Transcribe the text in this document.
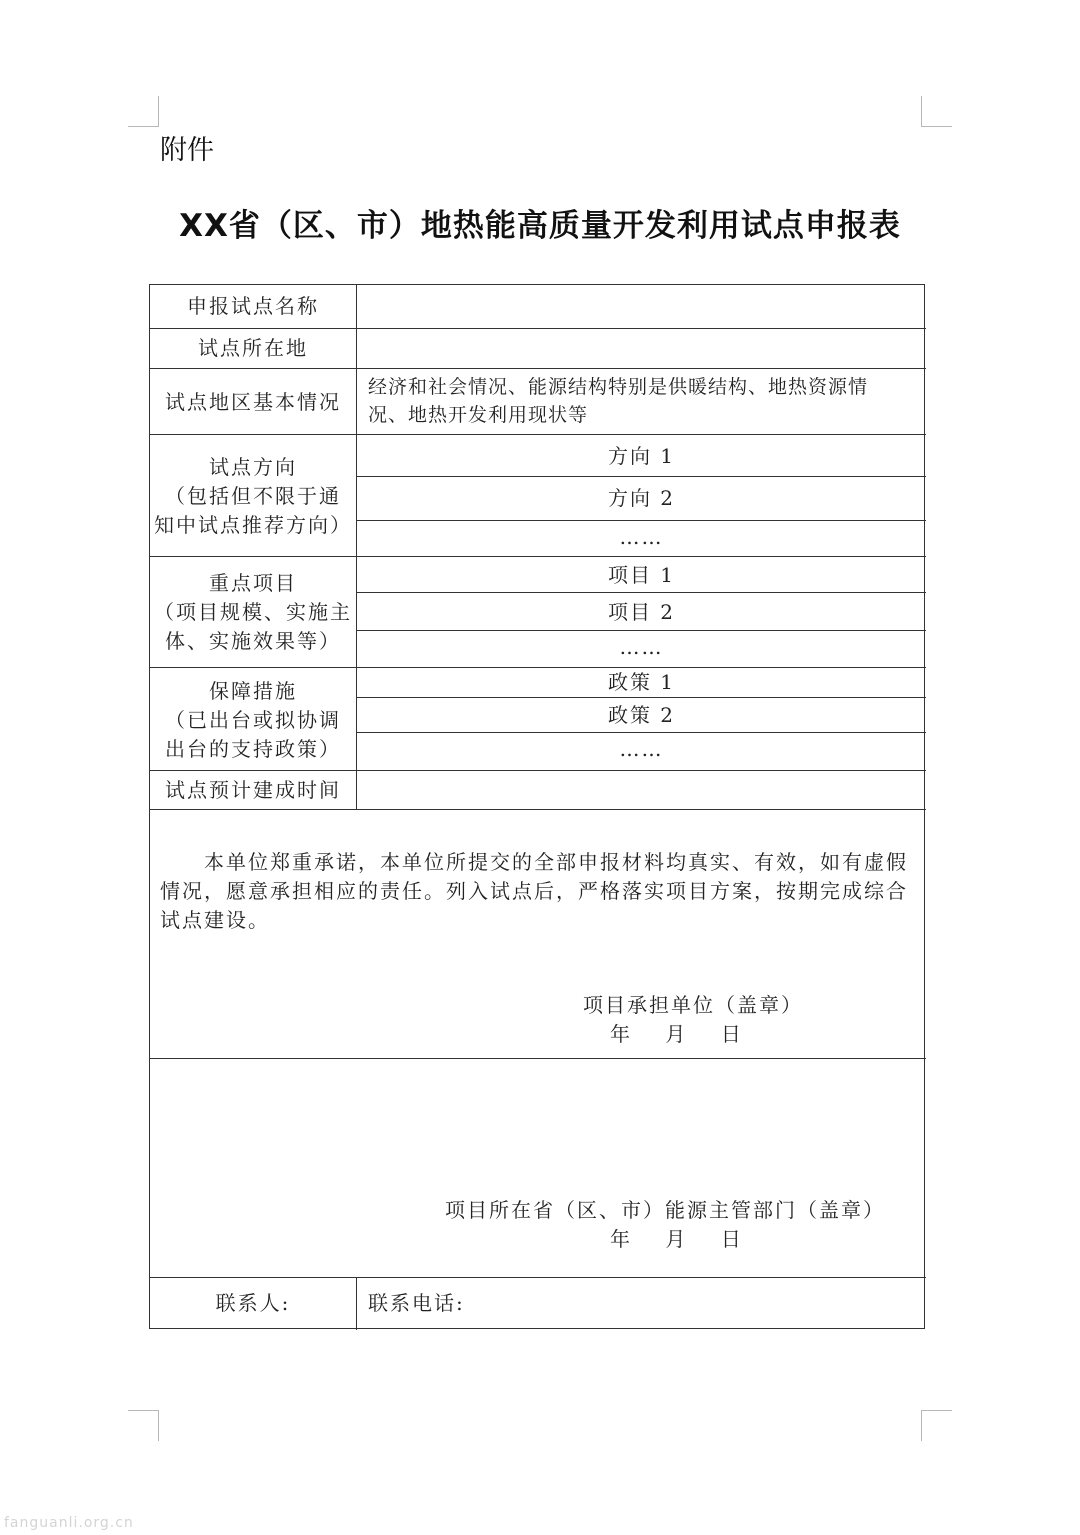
附件
XX省（区、市）地热能高质量开发利用试点申报表
申报试点名称
试点所在地
试点地区基本情况
经济和社会情况、能源结构特别是供暖结构、地热资源情
况、地热开发利用现状等
试点方向
（包括但不限于通
知中试点推荐方向）
方向 1
方向 2
……
重点项目
（项目规模、实施主
体、实施效果等）
项目 1
项目 2
……
保障措施
（已出台或拟协调
出台的支持政策）
政策 1
政策 2
……
试点预计建成时间
本单位郑重承诺，本单位所提交的全部申报材料均真实、有效，如有虚假情况，愿意承担相应的责任。列入试点后，严格落实项目方案，按期完成综合试点建设。
项目承担单位（盖章）
年    月    日
项目所在省（区、市）能源主管部门（盖章）
年    月    日
联系人:	联系电话:
fanguanli.org.cn
